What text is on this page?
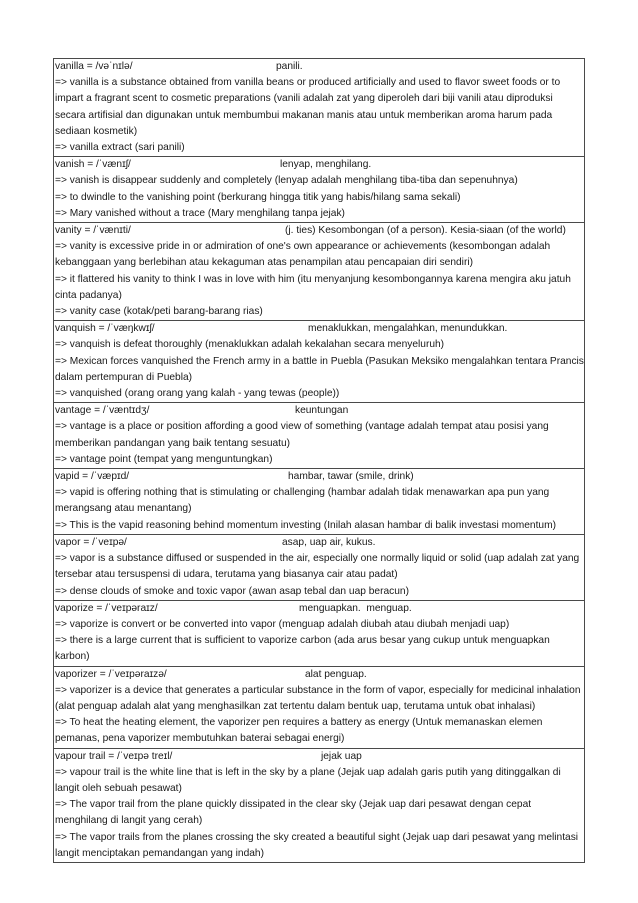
vanilla = /vəˈnɪlə/	panili.
=> vanilla is a substance obtained from vanilla beans or produced artificially and used to flavor sweet foods or to impart a fragrant scent to cosmetic preparations (vanili adalah zat yang diperoleh dari biji vanili atau diproduksi secara artifisial dan digunakan untuk membumbui makanan manis atau untuk memberikan aroma harum pada sediaan kosmetik)
=> vanilla extract (sari panili)
vanish = /ˈvænɪʃ/	lenyap, menghilang.
=> vanish is disappear suddenly and completely (lenyap adalah menghilang tiba-tiba dan sepenuhnya)
=> to dwindle to the vanishing point (berkurang hingga titik yang habis/hilang sama sekali)
=> Mary vanished without a trace (Mary menghilang tanpa jejak)
vanity = /ˈvænɪti/	(j. ties) Kesombongan (of a person). Kesia-siaan (of the world)
=> vanity is excessive pride in or admiration of one's own appearance or achievements (kesombongan adalah kebanggaan yang berlebihan atau kekaguman atas penampilan atau pencapaian diri sendiri)
=> it flattered his vanity to think I was in love with him (itu menyanjung kesombongannya karena mengira aku jatuh cinta padanya)
=> vanity case (kotak/peti barang-barang rias)
vanquish = /ˈvæŋkwɪʃ/	menaklukkan, mengalahkan, menundukkan.
=> vanquish is defeat thoroughly (menaklukkan adalah kekalahan secara menyeluruh)
=> Mexican forces vanquished the French army in a battle in Puebla (Pasukan Meksiko mengalahkan tentara Prancis dalam pertempuran di Puebla)
=> vanquished (orang orang yang kalah - yang tewas (people))
vantage = /ˈvæntɪdʒ/	keuntungan
=> vantage is a place or position affording a good view of something (vantage adalah tempat atau posisi yang memberikan pandangan yang baik tentang sesuatu)
=> vantage point (tempat yang menguntungkan)
vapid = /ˈvæpɪd/	hambar, tawar (smile, drink)
=> vapid is offering nothing that is stimulating or challenging (hambar adalah tidak menawarkan apa pun yang merangsang atau menantang)
=> This is the vapid reasoning behind momentum investing (Inilah alasan hambar di balik investasi momentum)
vapor = /ˈveɪpə/	asap, uap air, kukus.
=> vapor is a substance diffused or suspended in the air, especially one normally liquid or solid (uap adalah zat yang tersebar atau tersuspensi di udara, terutama yang biasanya cair atau padat)
=> dense clouds of smoke and toxic vapor (awan asap tebal dan uap beracun)
vaporize = /ˈveɪpəraɪz/	menguapkan.  menguap.
=> vaporize is convert or be converted into vapor (menguap adalah diubah atau diubah menjadi uap)
=> there is a large current that is sufficient to vaporize carbon (ada arus besar yang cukup untuk menguapkan karbon)
vaporizer = /ˈveɪpəraɪzə/	alat penguap.
=> vaporizer is a device that generates a particular substance in the form of vapor, especially for medicinal inhalation (alat penguap adalah alat yang menghasilkan zat tertentu dalam bentuk uap, terutama untuk obat inhalasi)
=> To heat the heating element, the vaporizer pen requires a battery as energy (Untuk memanaskan elemen pemanas, pena vaporizer membutuhkan baterai sebagai energi)
vapour trail = /ˈveɪpə treɪl/	jejak uap
=> vapour trail is the white line that is left in the sky by a plane (Jejak uap adalah garis putih yang ditinggalkan di langit oleh sebuah pesawat)
=> The vapor trail from the plane quickly dissipated in the clear sky (Jejak uap dari pesawat dengan cepat menghilang di langit yang cerah)
=> The vapor trails from the planes crossing the sky created a beautiful sight (Jejak uap dari pesawat yang melintasi langit menciptakan pemandangan yang indah)
